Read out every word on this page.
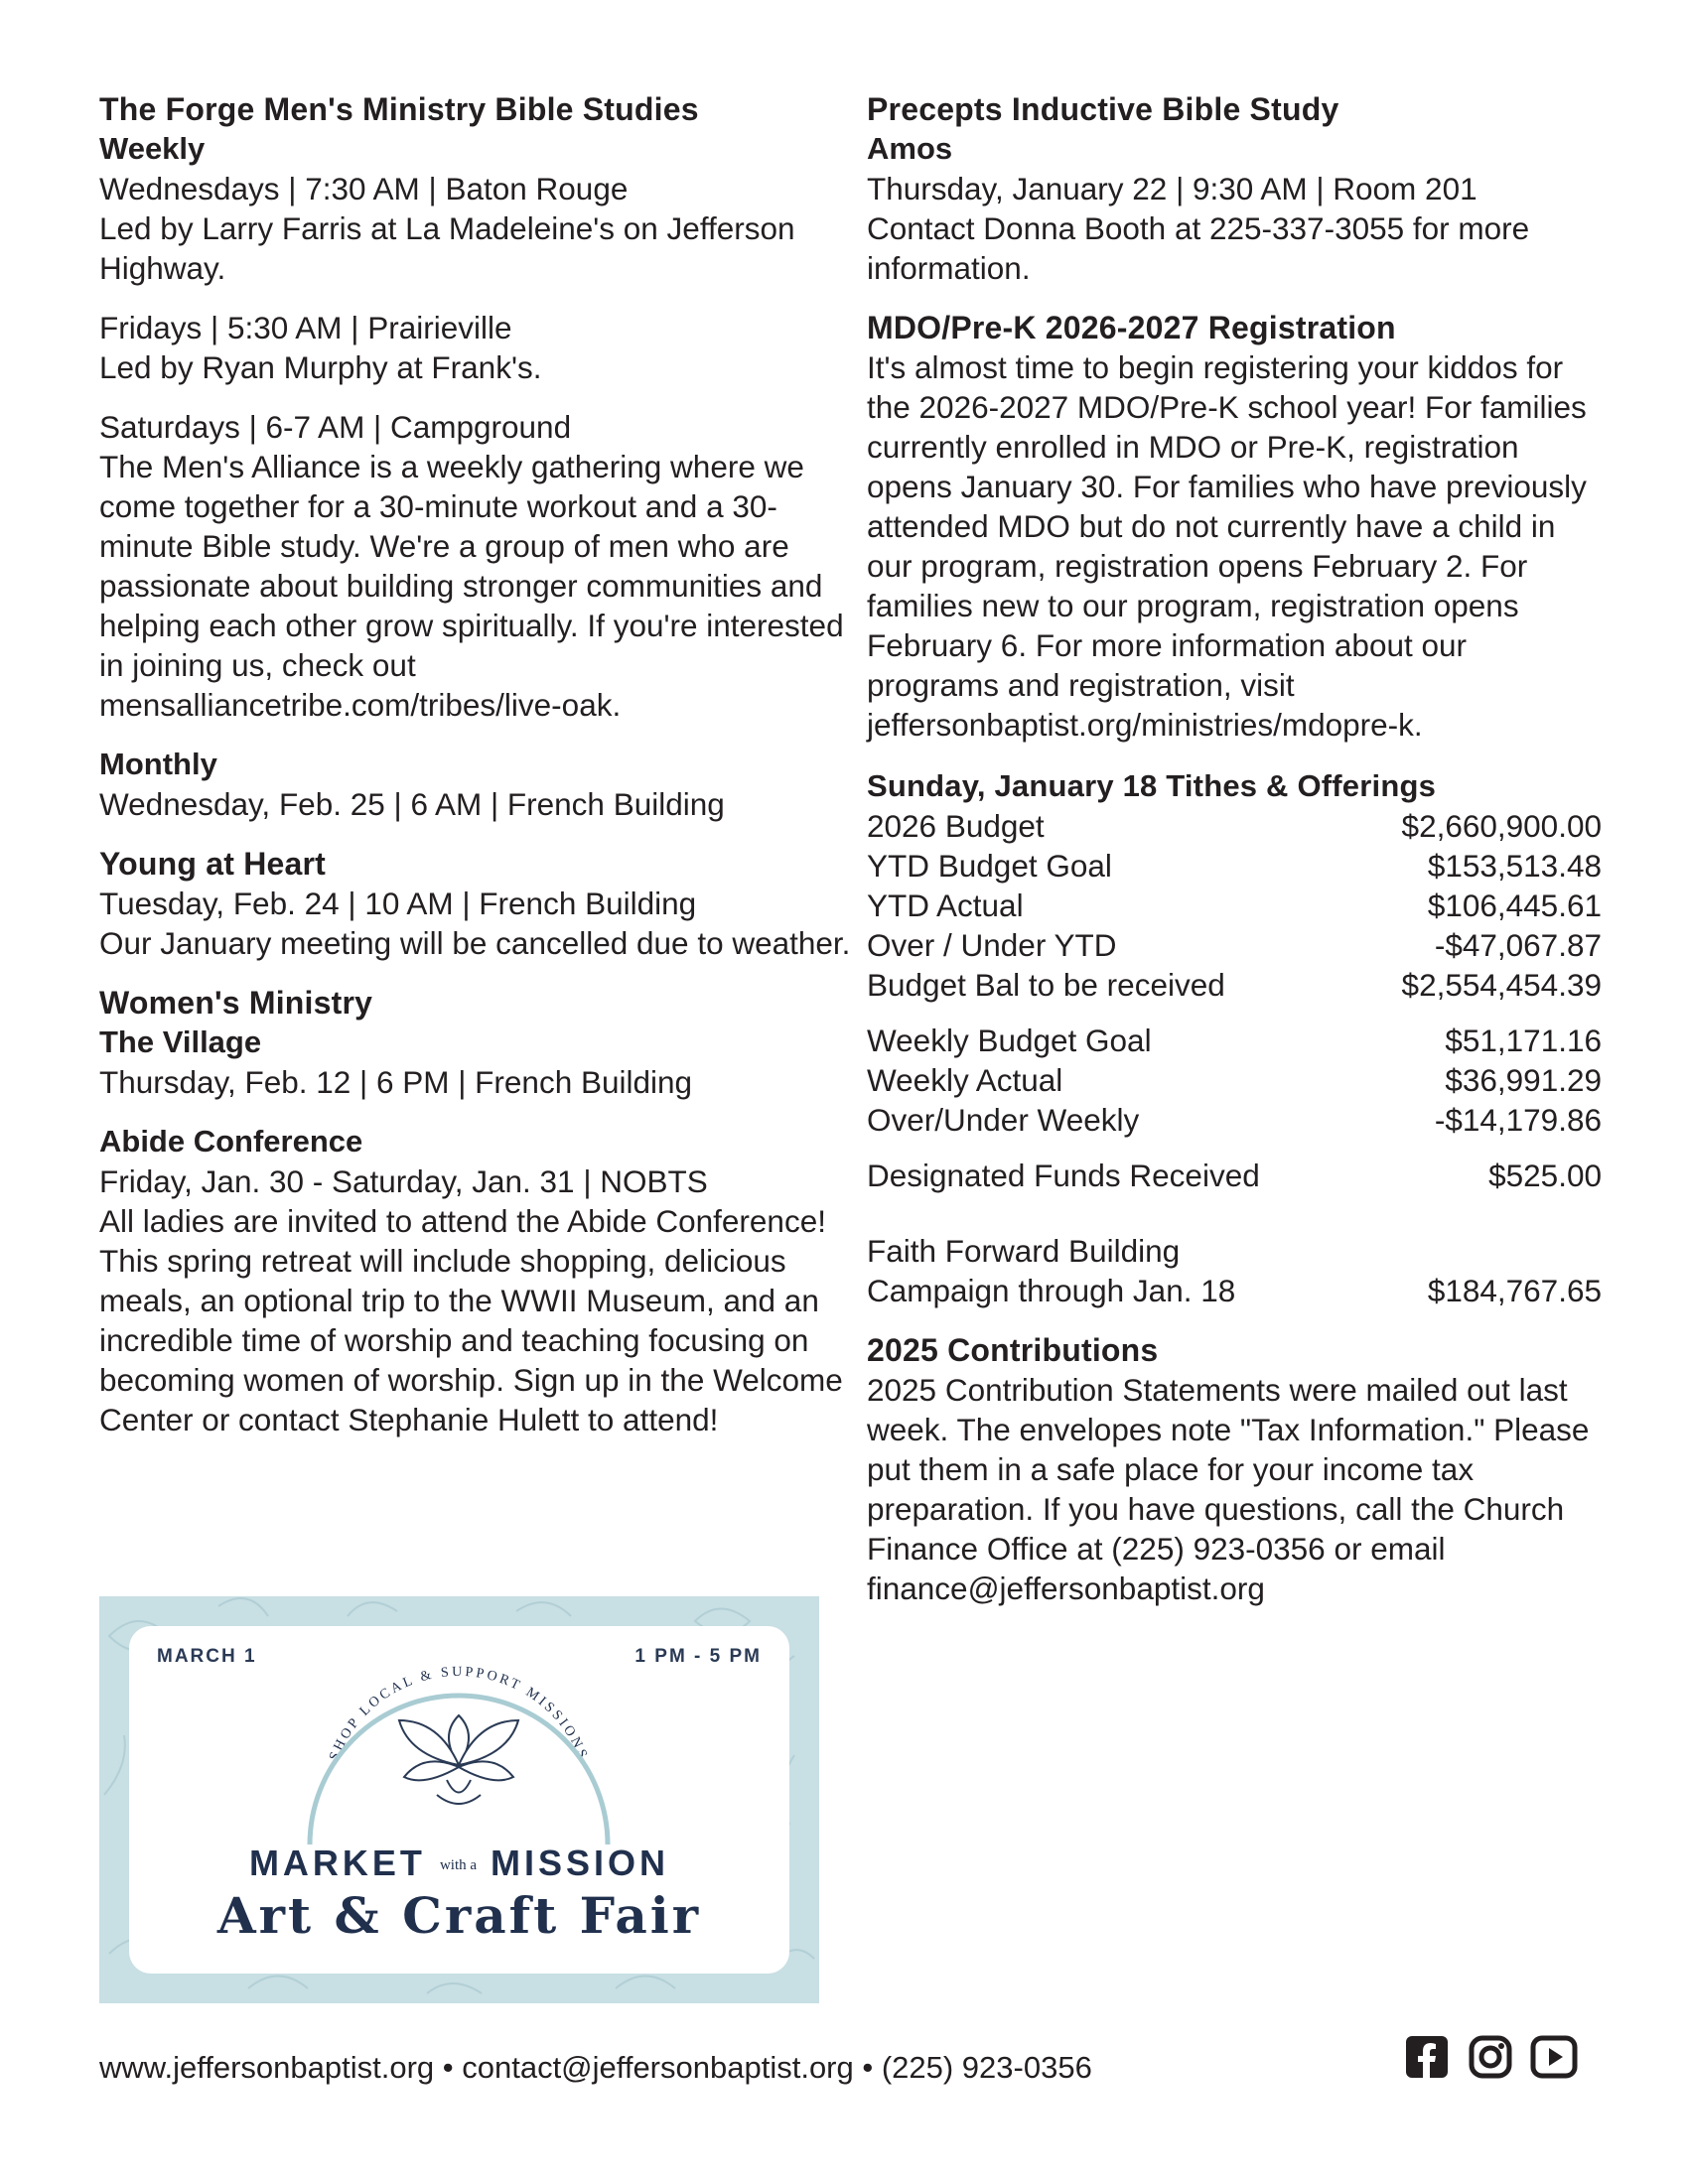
The Forge Men's Ministry Bible Studies
Weekly
Wednesdays | 7:30 AM | Baton Rouge
Led by Larry Farris at La Madeleine's on Jefferson Highway.
Fridays | 5:30 AM | Prairieville
Led by Ryan Murphy at Frank's.
Saturdays | 6-7 AM | Campground
The Men's Alliance is a weekly gathering where we come together for a 30-minute workout and a 30-minute Bible study. We're a group of men who are passionate about building stronger communities and helping each other grow spiritually. If you're interested in joining us, check out mensalliancetribe.com/tribes/live-oak.
Monthly
Wednesday, Feb. 25 | 6 AM | French Building
Young at Heart
Tuesday, Feb. 24 | 10 AM | French Building
Our January meeting will be cancelled due to weather.
Women's Ministry
The Village
Thursday, Feb. 12 | 6 PM | French Building
Abide Conference
Friday, Jan. 30 - Saturday, Jan. 31 | NOBTS
All ladies are invited to attend the Abide Conference! This spring retreat will include shopping, delicious meals, an optional trip to the WWII Museum, and an incredible time of worship and teaching focusing on becoming women of worship. Sign up in the Welcome Center or contact Stephanie Hulett to attend!
Precepts Inductive Bible Study
Amos
Thursday, January 22 | 9:30 AM | Room 201
Contact Donna Booth at 225-337-3055 for more information.
MDO/Pre-K 2026-2027 Registration
It's almost time to begin registering your kiddos for the 2026-2027 MDO/Pre-K school year! For families currently enrolled in MDO or Pre-K, registration opens January 30. For families who have previously attended MDO but do not currently have a child in our program, registration opens February 2. For families new to our program, registration opens February 6. For more information about our programs and registration, visit jeffersonbaptist.org/ministries/mdopre-k.
Sunday, January 18 Tithes & Offerings
2026 Budget	$2,660,900.00
YTD Budget Goal	$153,513.48
YTD Actual	$106,445.61
Over / Under YTD	-$47,067.87
Budget Bal to be received	$2,554,454.39
Weekly Budget Goal	$51,171.16
Weekly Actual	$36,991.29
Over/Under Weekly	-$14,179.86
Designated Funds Received	$525.00
Faith Forward Building Campaign through Jan. 18	$184,767.65
2025 Contributions
2025 Contribution Statements were mailed out last week. The envelopes note "Tax Information." Please put them in a safe place for your income tax preparation. If you have questions, call the Church Finance Office at (225) 923-0356 or email finance@jeffersonbaptist.org
MARCH 1	1 PM - 5 PM
SHOP LOCAL & SUPPORT MISSIONS
MARKET with a MISSION
Art & Craft Fair
www.jeffersonbaptist.org • contact@jeffersonbaptist.org • (225) 923-0356
